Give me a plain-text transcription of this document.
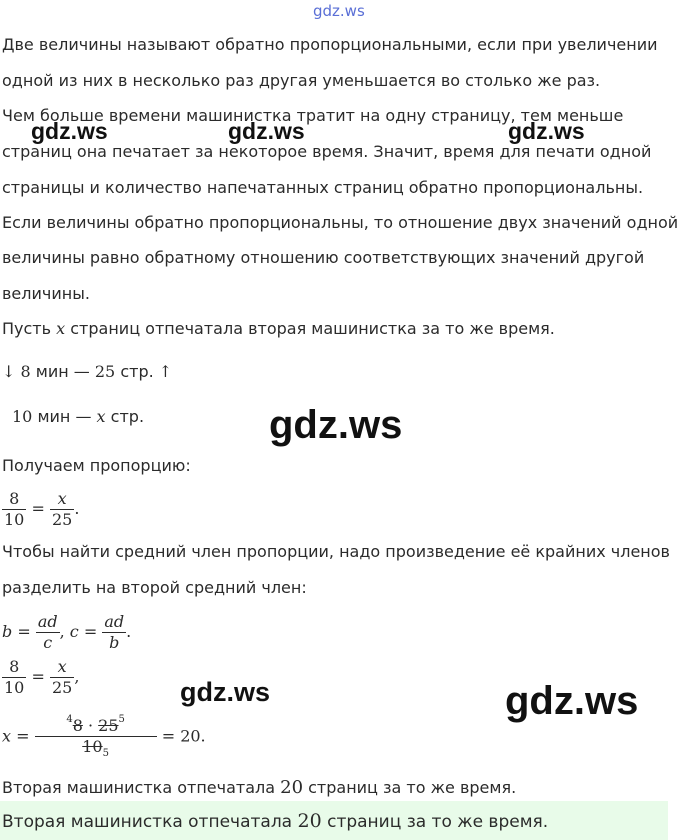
gdz.ws
Две величины называют обратно пропорциональными, если при увеличении
одной из них в несколько раз другая уменьшается во столько же раз.
Чем больше времени машинистка тратит на одну страницу, тем меньше
страниц она печатает за некоторое время. Значит, время для печати одной
страницы и количество напечатанных страниц обратно пропорциональны.
Если величины обратно пропорциональны, то отношение двух значений одной
величины равно обратному отношению соответствующих значений другой
величины.
gdz.ws	gdz.ws	gdz.ws
Пусть x страниц отпечатала вторая машинистка за то же время.
↓ 8 мин — 25 стр. ↑
10 мин — x стр.	gdz.ws
Получаем пропорцию:
$\frac{8}{10} = \frac{x}{25}$ .
Чтобы найти средний член пропорции, надо произведение её крайних членов
разделить на второй средний член:
$b = \frac{ad}{c}$ , $c = \frac{ad}{b}$ .
$\frac{8}{10} = \frac{x}{25}$ ,
gdz.ws	gdz.ws
$x = \frac{^48 \cdot 25^5}{10_5} = 20$.
Вторая машинистка отпечатала 20 страниц за то же время.
Вторая машинистка отпечатала 20 страниц за то же время.
